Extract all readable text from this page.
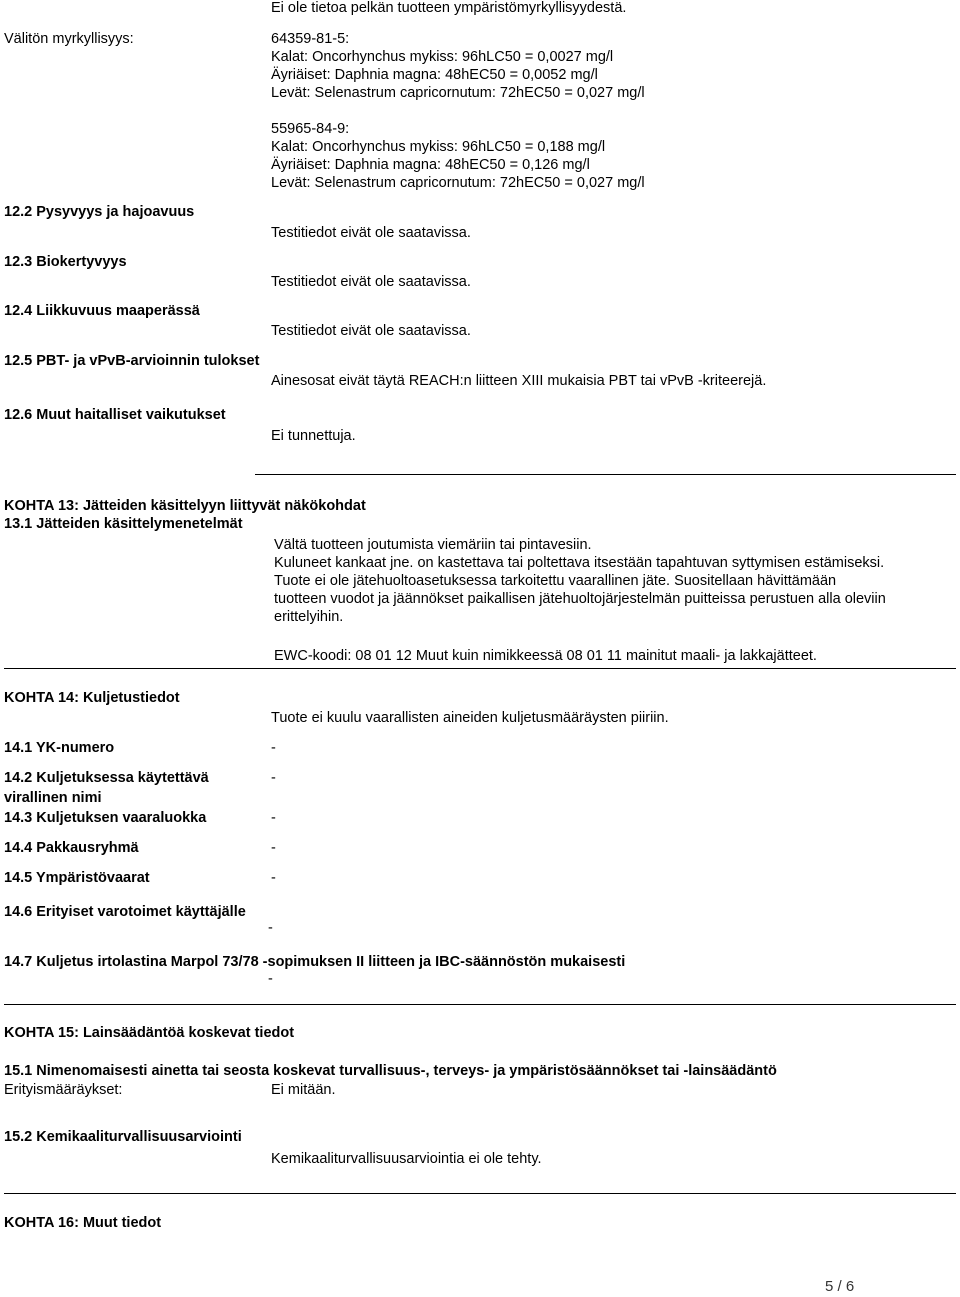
Ei ole tietoa pelkän tuotteen ympäristömyrkyllisyydestä.
Välitön myrkyllisyys:	64359-81-5:
Kalat: Oncorhynchus mykiss: 96hLC50 = 0,0027 mg/l
Äyriäiset: Daphnia magna: 48hEC50 = 0,0052 mg/l
Levät: Selenastrum capricornutum: 72hEC50 = 0,027 mg/l
55965-84-9:
Kalat: Oncorhynchus mykiss: 96hLC50 = 0,188 mg/l
Äyriäiset: Daphnia magna: 48hEC50 = 0,126 mg/l
Levät: Selenastrum capricornutum: 72hEC50 = 0,027 mg/l
12.2 Pysyvyys ja hajoavuus
Testitiedot eivät ole saatavissa.
12.3 Biokertyvyys
Testitiedot eivät ole saatavissa.
12.4 Liikkuvuus maaperässä
Testitiedot eivät ole saatavissa.
12.5 PBT- ja vPvB-arvioinnin tulokset
Ainesosat eivät täytä REACH:n liitteen XIII mukaisia PBT tai vPvB -kriteerejä.
12.6 Muut haitalliset vaikutukset
Ei tunnettuja.
KOHTA 13: Jätteiden käsittelyyn liittyvät näkökohdat
13.1 Jätteiden käsittelymenetelmät
Vältä tuotteen joutumista viemäriin tai pintavesiin.
Kuluneet kankaat jne. on kastettava tai poltettava itsestään tapahtuvan syttymisen estämiseksi.
Tuote ei ole jätehuoltoasetuksessa tarkoitettu vaarallinen jäte. Suositellaan hävittämään
tuotteen vuodot ja jäännökset paikallisen jätehuoltojärjestelmän puitteissa perustuen alla oleviin
erittelyihin.
EWC-koodi: 08 01 12 Muut kuin nimikkeessä 08 01 11 mainitut maali- ja lakkajätteet.
KOHTA 14: Kuljetustiedot
Tuote ei kuulu vaarallisten aineiden kuljetusmääräysten piiriin.
14.1 YK-numero	-
14.2 Kuljetuksessa käytettävä
virallinen nimi
-
14.3 Kuljetuksen vaaraluokka	-
14.4 Pakkausryhmä	-
14.5 Ympäristövaarat	-
14.6 Erityiset varotoimet käyttäjälle
-
14.7 Kuljetus irtolastina Marpol 73/78 -sopimuksen II liitteen ja IBC-säännöstön mukaisesti
-
KOHTA 15: Lainsäädäntöä koskevat tiedot
15.1 Nimenomaisesti ainetta tai seosta koskevat turvallisuus-, terveys- ja ympäristösäännökset tai -lainsäädäntö
Erityismääräykset:	Ei mitään.
15.2 Kemikaaliturvallisuusarviointi
Kemikaaliturvallisuusarviointia ei ole tehty.
KOHTA 16: Muut tiedot
5 / 6
